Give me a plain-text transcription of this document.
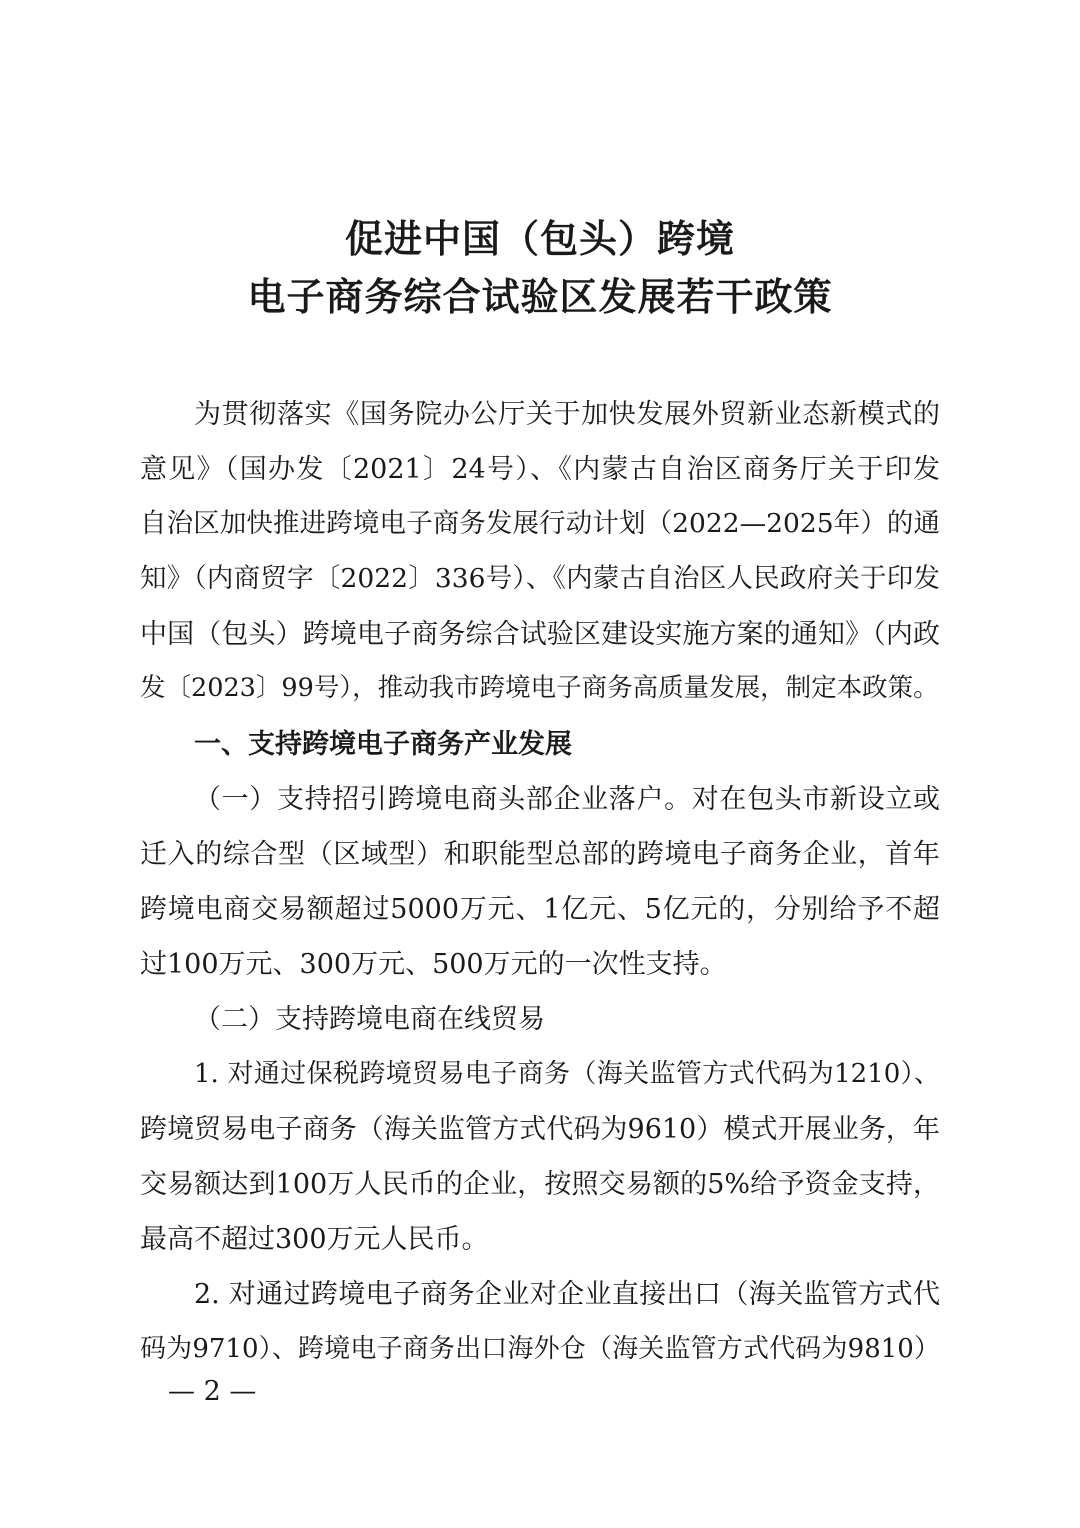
促进中国（包头）跨境
电子商务综合试验区发展若干政策
为贯彻落实《国务院办公厅关于加快发展外贸新业态新模式的
意见》（国办发〔2021〕24号）、《内蒙古自治区商务厅关于印发
自治区加快推进跨境电子商务发展行动计划（2022—2025年）的通
知》（内商贸字〔2022〕336号）、《内蒙古自治区人民政府关于印发
中国（包头）跨境电子商务综合试验区建设实施方案的通知》（内政
发〔2023〕99号），推动我市跨境电子商务高质量发展，制定本政策。
一、支持跨境电子商务产业发展
（一）支持招引跨境电商头部企业落户。对在包头市新设立或
迁入的综合型（区域型）和职能型总部的跨境电子商务企业，首年
跨境电商交易额超过5000万元、1亿元、5亿元的，分别给予不超
过100万元、300万元、500万元的一次性支持。
（二）支持跨境电商在线贸易
1. 对通过保税跨境贸易电子商务（海关监管方式代码为1210）、
跨境贸易电子商务（海关监管方式代码为9610）模式开展业务，年
交易额达到100万人民币的企业，按照交易额的5%给予资金支持，
最高不超过300万元人民币。
2. 对通过跨境电子商务企业对企业直接出口（海关监管方式代
码为9710）、跨境电子商务出口海外仓（海关监管方式代码为9810）
— 2 —
